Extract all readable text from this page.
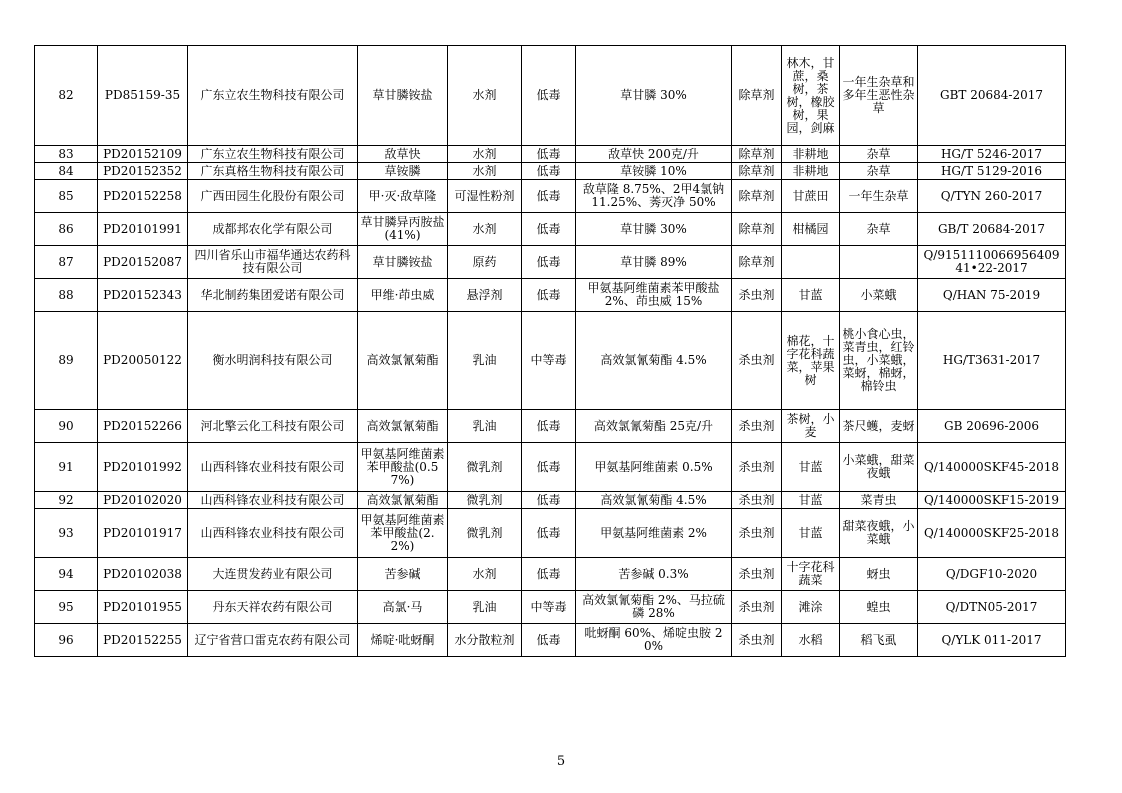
82	PD85159-35	广东立农生物科技有限公司	草甘膦铵盐	水剂	低毒	草甘膦 30%	除草剂	林木，甘蔗，桑树，茶树，橡胶树，果园，剑麻	一年生杂草和多年生恶性杂草	GBT 20684-2017
83	PD20152109	广东立农生物科技有限公司	敌草快	水剂	低毒	敌草快 200克/升	除草剂	非耕地	杂草	HG/T 5246-2017
84	PD20152352	广东真格生物科技有限公司	草铵膦	水剂	低毒	草铵膦 10%	除草剂	非耕地	杂草	HG/T 5129-2016
85	PD20152258	广西田园生化股份有限公司	甲·灭·敌草隆	可湿性粉剂	低毒	敌草隆 8.75%、2甲4氯钠 11.25%、莠灭净 50%	除草剂	甘蔗田	一年生杂草	Q/TYN 260-2017
86	PD20101991	成都邦农化学有限公司	草甘膦异丙胺盐(41%)	水剂	低毒	草甘膦 30%	除草剂	柑橘园	杂草	GB/T 20684-2017
87	PD20152087	四川省乐山市福华通达农药科技有限公司	草甘膦铵盐	原药	低毒	草甘膦 89%	除草剂			Q/915111006695640941•22-2017
88	PD20152343	华北制药集团爱诺有限公司	甲维·茚虫威	悬浮剂	低毒	甲氨基阿维菌素苯甲酸盐 2%、茚虫威 15%	杀虫剂	甘蓝	小菜蛾	Q/HAN 75-2019
89	PD20050122	衡水明润科技有限公司	高效氯氰菊酯	乳油	中等毒	高效氯氰菊酯 4.5%	杀虫剂	棉花，十字花科蔬菜，苹果树	桃小食心虫，菜青虫，红铃虫，小菜蛾，菜蚜，棉蚜，棉铃虫	HG/T3631-2017
90	PD20152266	河北擎云化工科技有限公司	高效氯氰菊酯	乳油	低毒	高效氯氰菊酯 25克/升	杀虫剂	茶树，小麦	茶尺蠖，麦蚜	GB 20696-2006
91	PD20101992	山西科锋农业科技有限公司	甲氨基阿维菌素苯甲酸盐(0.57%)	微乳剂	低毒	甲氨基阿维菌素 0.5%	杀虫剂	甘蓝	小菜蛾，甜菜夜蛾	Q/140000SKF45-2018
92	PD20102020	山西科锋农业科技有限公司	高效氯氰菊酯	微乳剂	低毒	高效氯氰菊酯 4.5%	杀虫剂	甘蓝	菜青虫	Q/140000SKF15-2019
93	PD20101917	山西科锋农业科技有限公司	甲氨基阿维菌素苯甲酸盐(2.2%)	微乳剂	低毒	甲氨基阿维菌素 2%	杀虫剂	甘蓝	甜菜夜蛾，小菜蛾	Q/140000SKF25-2018
94	PD20102038	大连贯发药业有限公司	苦参碱	水剂	低毒	苦参碱 0.3%	杀虫剂	十字花科蔬菜	蚜虫	Q/DGF10-2020
95	PD20101955	丹东天祥农药有限公司	高氯·马	乳油	中等毒	高效氯氰菊酯 2%、马拉硫磷 28%	杀虫剂	滩涂	蝗虫	Q/DTN05-2017
96	PD20152255	辽宁省营口雷克农药有限公司	烯啶·吡蚜酮	水分散粒剂	低毒	吡蚜酮 60%、烯啶虫胺 20%	杀虫剂	水稻	稻飞虱	Q/YLK 011-2017
5
